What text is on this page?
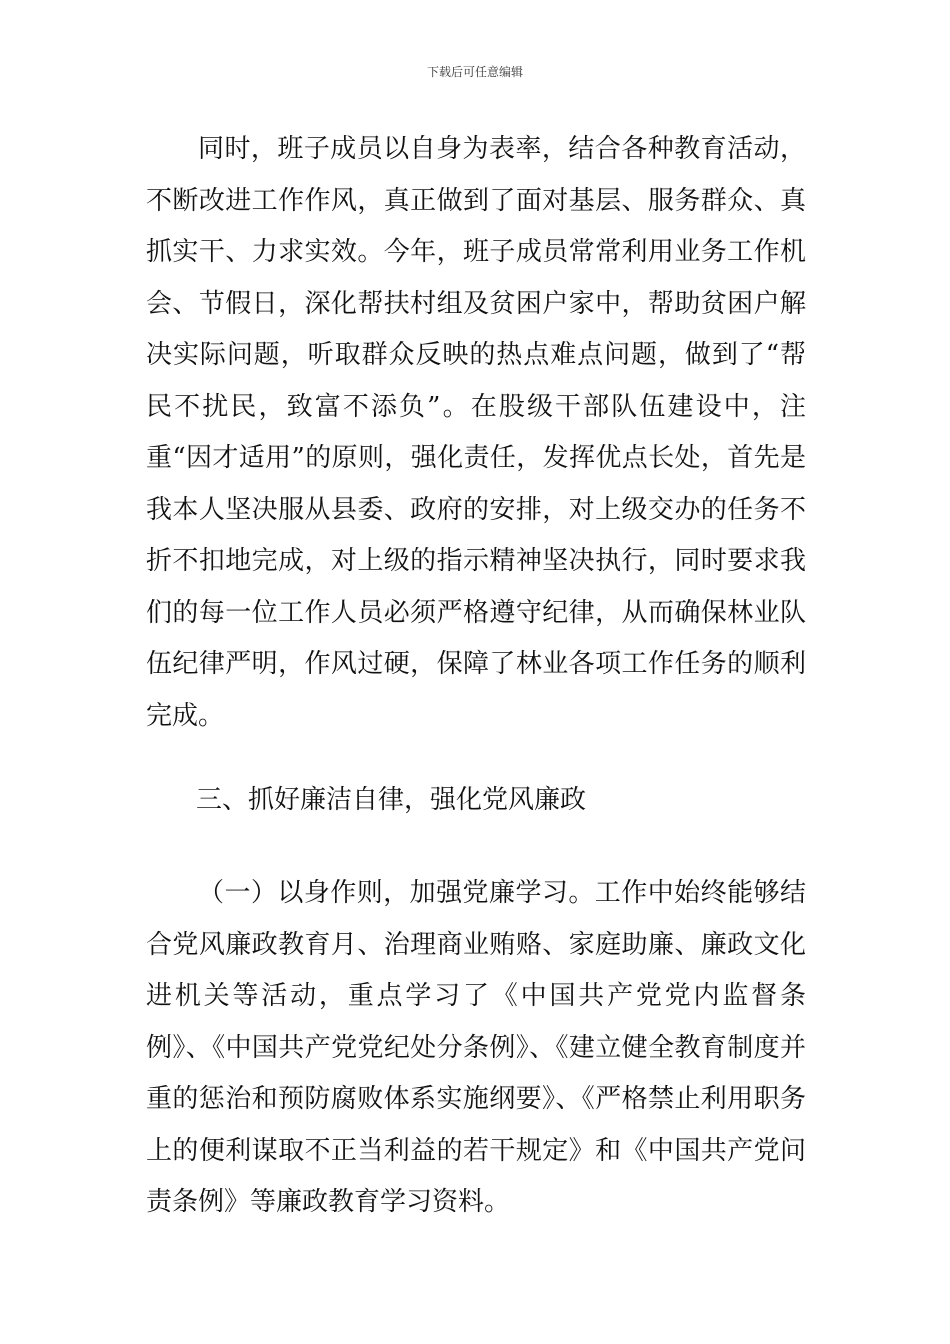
下载后可任意编辑

同时，班子成员以自身为表率，结合各种教育活动，不断改进工作作风，真正做到了面对基层、服务群众、真抓实干、力求实效。今年，班子成员常常利用业务工作机会、节假日，深化帮扶村组及贫困户家中，帮助贫困户解决实际问题，听取群众反映的热点难点问题，做到了“帮民不扰民，致富不添负”。在股级干部队伍建设中，注重“因才适用”的原则，强化责任，发挥优点长处，首先是我本人坚决服从县委、政府的安排，对上级交办的任务不折不扣地完成，对上级的指示精神坚决执行，同时要求我们的每一位工作人员必须严格遵守纪律，从而确保林业队伍纪律严明，作风过硬，保障了林业各项工作任务的顺利完成。

三、抓好廉洁自律，强化党风廉政

（一）以身作则，加强党廉学习。工作中始终能够结合党风廉政教育月、治理商业贿赂、家庭助廉、廉政文化进机关等活动，重点学习了《中国共产党党内监督条例》、《中国共产党党纪处分条例》、《建立健全教育制度并重的惩治和预防腐败体系实施纲要》、《严格禁止利用职务上的便利谋取不正当利益的若干规定》和《中国共产党问责条例》等廉政教育学习资料。
